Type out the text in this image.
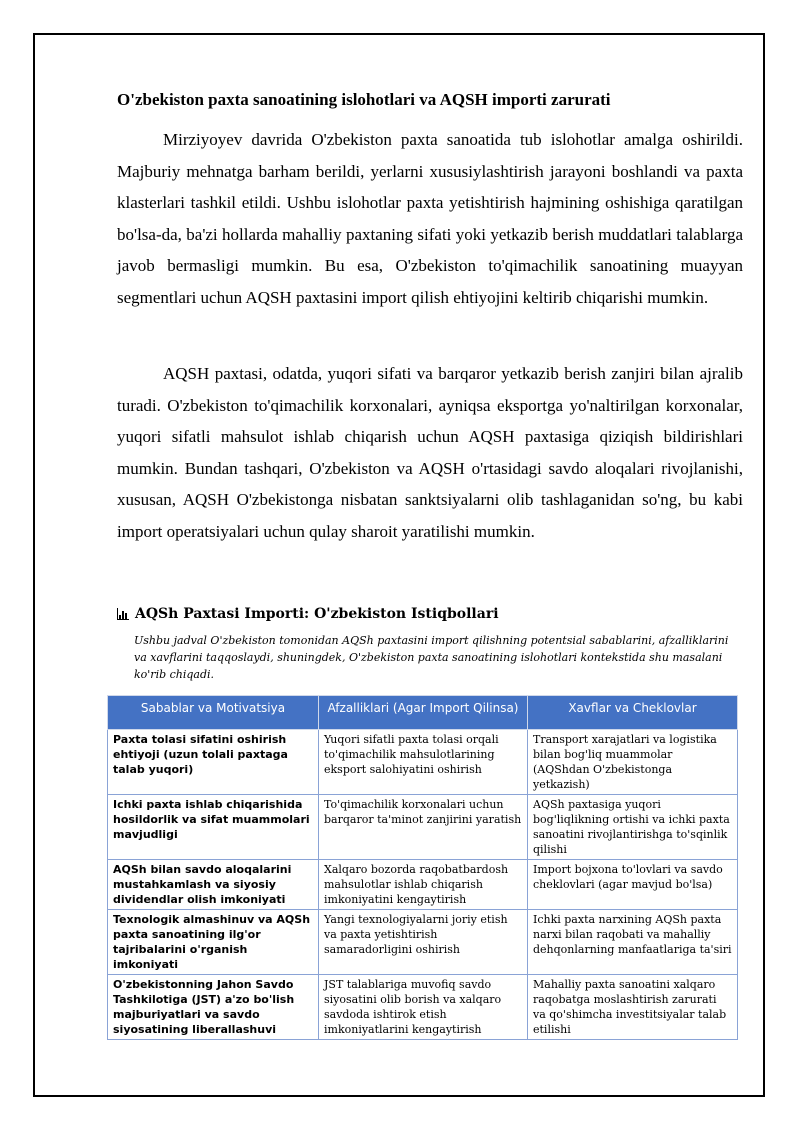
O'zbekiston paxta sanoatining islohotlari va AQSH importi zarurati

Mirziyoyev davrida O'zbekiston paxta sanoatida tub islohotlar amalga oshirildi. Majburiy mehnatga barham berildi, yerlarni xususiylashtirish jarayoni boshlandi va paxta klasterlari tashkil etildi. Ushbu islohotlar paxta yetishtirish hajmining oshishiga qaratilgan bo'lsa-da, ba'zi hollarda mahalliy paxtaning sifati yoki yetkazib berish muddatlari talablarga javob bermasligi mumkin. Bu esa, O'zbekiston to'qimachilik sanoatining muayyan segmentlari uchun AQSH paxtasini import qilish ehtiyojini keltirib chiqarishi mumkin.

AQSH paxtasi, odatda, yuqori sifati va barqaror yetkazib berish zanjiri bilan ajralib turadi. O'zbekiston to'qimachilik korxonalari, ayniqsa eksportga yo'naltirilgan korxonalar, yuqori sifatli mahsulot ishlab chiqarish uchun AQSH paxtasiga qiziqish bildirishlari mumkin. Bundan tashqari, O'zbekiston va AQSH o'rtasidagi savdo aloqalari rivojlanishi, xususan, AQSH O'zbekistonga nisbatan sanktsiyalarni olib tashlaganidan so'ng, bu kabi import operatsiyalari uchun qulay sharoit yaratilishi mumkin.

AQSh Paxtasi Importi: O'zbekiston Istiqbollari

Ushbu jadval O'zbekiston tomonidan AQSh paxtasini import qilishning potentsial sabablarini, afzalliklarini va xavflarini taqqoslaydi, shuningdek, O'zbekiston paxta sanoatining islohotlari kontekstida shu masalani ko'rib chiqadi.

Sabablar va Motivatsiya	Afzalliklari (Agar Import Qilinsa)	Xavflar va Cheklovlar
Paxta tolasi sifatini oshirish ehtiyoji (uzun tolali paxtaga talab yuqori)	Yuqori sifatli paxta tolasi orqali to'qimachilik mahsulotlarining eksport salohiyatini oshirish	Transport xarajatlari va logistika bilan bog'liq muammolar (AQShdan O'zbekistonga yetkazish)
Ichki paxta ishlab chiqarishida hosildorlik va sifat muammolari mavjudligi	To'qimachilik korxonalari uchun barqaror ta'minot zanjirini yaratish	AQSh paxtasiga yuqori bog'liqlikning ortishi va ichki paxta sanoatini rivojlantirishga to'sqinlik qilishi
AQSh bilan savdo aloqalarini mustahkamlash va siyosiy dividendlar olish imkoniyati	Xalqaro bozorda raqobatbardosh mahsulotlar ishlab chiqarish imkoniyatini kengaytirish	Import bojxona to'lovlari va savdo cheklovlari (agar mavjud bo'lsa)
Texnologik almashinuv va AQSh paxta sanoatining ilg'or tajribalarini o'rganish imkoniyati	Yangi texnologiyalarni joriy etish va paxta yetishtirish samaradorligini oshirish	Ichki paxta narxining AQSh paxta narxi bilan raqobati va mahalliy dehqonlarning manfaatlariga ta'siri
O'zbekistonning Jahon Savdo Tashkilotiga (JST) a'zo bo'lish majburiyatlari va savdo siyosatining liberallashuvi	JST talablariga muvofiq savdo siyosatini olib borish va xalqaro savdoda ishtirok etish imkoniyatlarini kengaytirish	Mahalliy paxta sanoatini xalqaro raqobatga moslashtirish zarurati va qo'shimcha investitsiyalar talab etilishi
